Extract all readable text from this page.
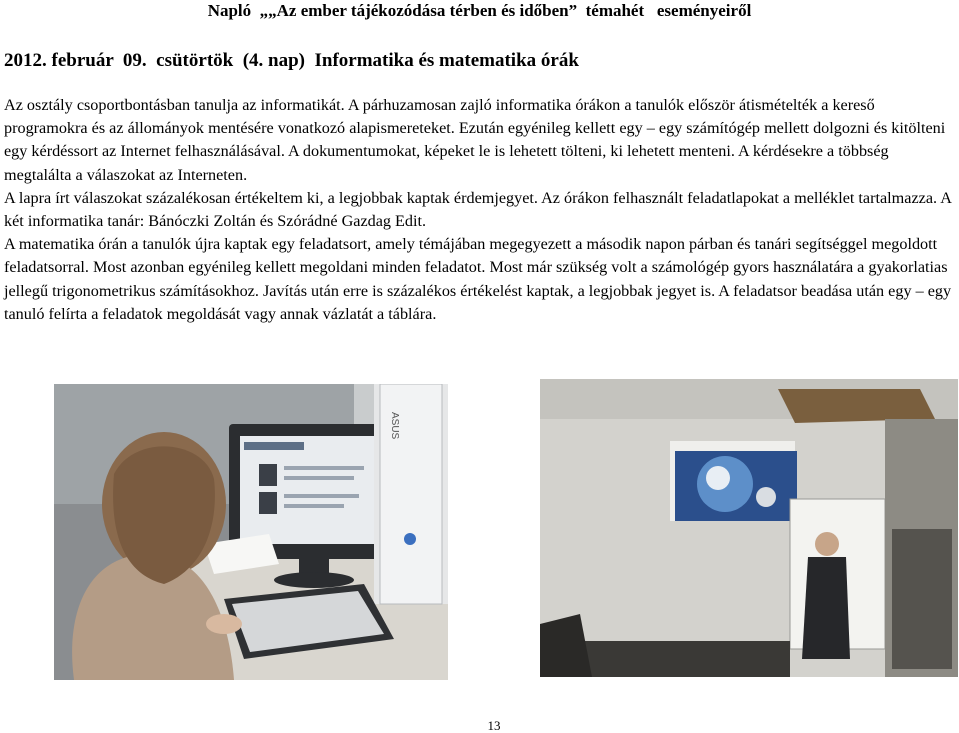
Napló  „„Az ember tájékozódása térben és időben”  témahét   eseményeiről
2012. február  09.  csütörtök  (4. nap)  Informatika és matematika órák

Az osztály csoportbontásban tanulja az informatikát. A párhuzamosan zajló informatika órákon a tanulók először átismételték a kereső programokra és az állományok mentésére vonatkozó alapismereteket. Ezután egyénileg kellett egy – egy számítógép mellett dolgozni és kitölteni egy kérdéssort az Internet felhasználásával. A dokumentumokat, képeket le is lehetett tölteni, ki lehetett menteni. A kérdésekre a többség megtalálta a válaszokat az Interneten.

A lapra írt válaszokat százalékosan értékeltem ki, a legjobbak kaptak érdemjegyet. Az órákon felhasznált feladatlapokat a melléklet tartalmazza. A két informatika tanár: Bánóczki Zoltán és Szórádné Gazdag Edit.

A matematika órán a tanulók újra kaptak egy feladatsort, amely témájában megegyezett a második napon párban és tanári segítséggel megoldott feladatsorral. Most azonban egyénileg kellett megoldani minden feladatot. Most már szükség volt a számológép gyors használatára a gyakorlatias jellegű trigonometrikus számításokhoz. Javítás után erre is százalékos értékelést kaptak, a legjobbak jegyet is. A feladatsor beadása után egy – egy tanuló felírta a feladatok megoldását vagy annak vázlatát a táblára.

ASUS
13
